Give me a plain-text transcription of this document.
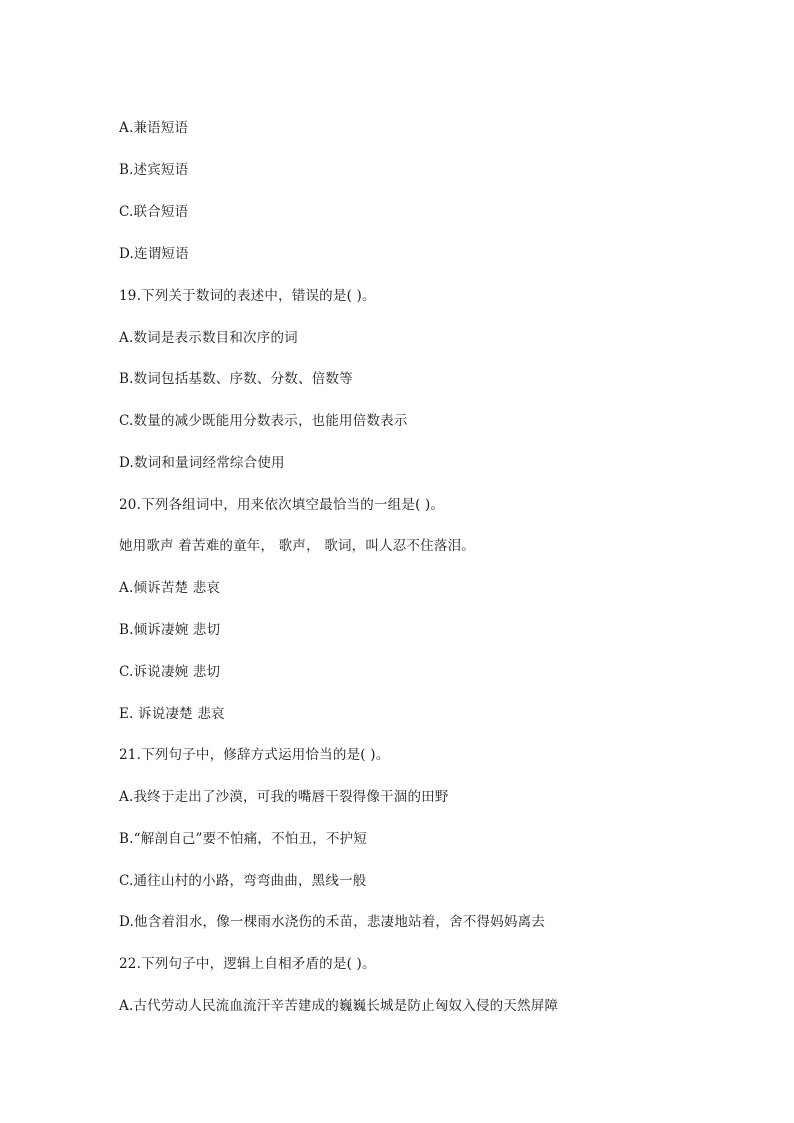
A.兼语短语
B.述宾短语
C.联合短语
D.连谓短语
19.下列关于数词的表述中，错误的是( )。
A.数词是表示数目和次序的词
B.数词包括基数、序数、分数、倍数等
C.数量的减少既能用分数表示，也能用倍数表示
D.数词和量词经常综合使用
20.下列各组词中，用来依次填空最恰当的一组是( )。
她用歌声 着苦难的童年， 歌声， 歌词，叫人忍不住落泪。
A.倾诉苦楚 悲哀
B.倾诉凄婉 悲切
C.诉说凄婉 悲切
E. 诉说凄楚 悲哀
21.下列句子中，修辞方式运用恰当的是( )。
A.我终于走出了沙漠，可我的嘴唇干裂得像干涸的田野
B.“解剖自己”要不怕痛，不怕丑，不护短
C.通往山村的小路，弯弯曲曲，黑线一般
D.他含着泪水，像一棵雨水浇伤的禾苗，悲凄地站着，舍不得妈妈离去
22.下列句子中，逻辑上自相矛盾的是( )。
A.古代劳动人民流血流汗辛苦建成的巍巍长城是防止匈奴入侵的天然屏障
